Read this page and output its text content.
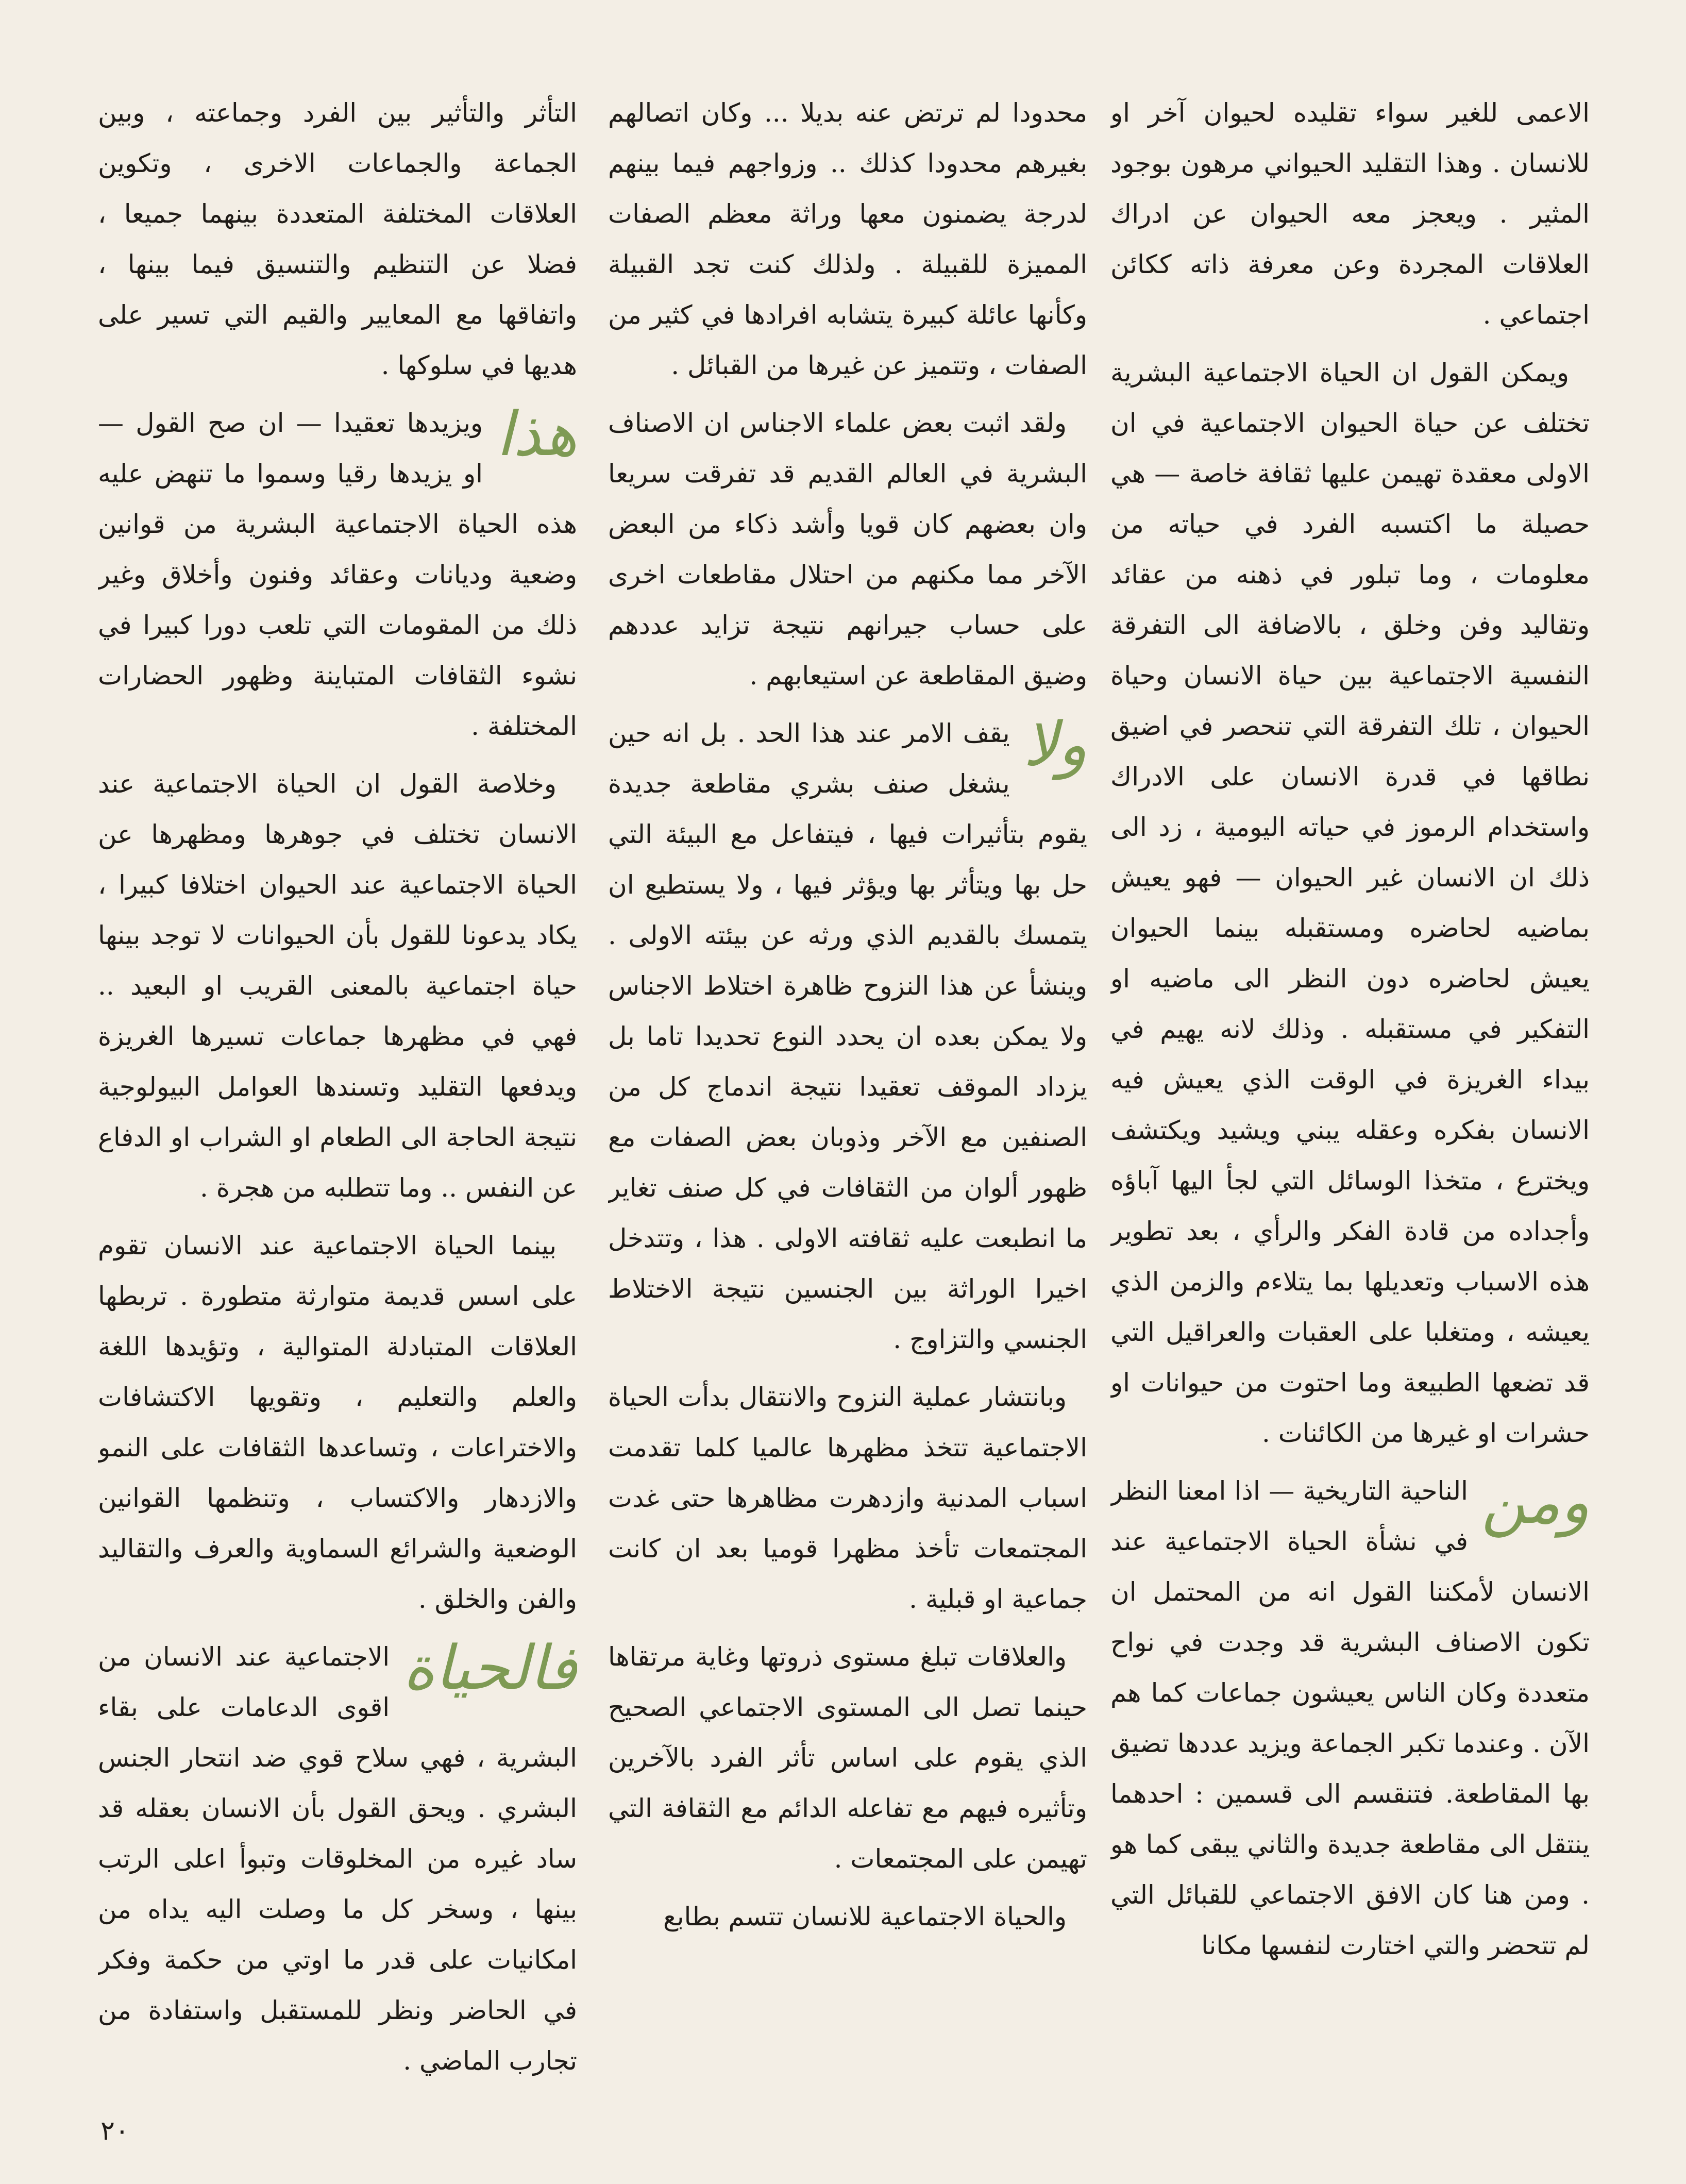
الاعمى للغير سواء تقليده لحيوان آخر او للانسان . وهذا التقليد الحيواني مرهون بوجود المثير . ويعجز معه الحيوان عن ادراك العلاقات المجردة وعن معرفة ذاته ككائن اجتماعي .

ويمكن القول ان الحياة الاجتماعية البشرية تختلف عن حياة الحيوان الاجتماعية في ان الاولى معقدة تهيمن عليها ثقافة خاصة — هي حصيلة ما اكتسبه الفرد في حياته من معلومات ، وما تبلور في ذهنه من عقائد وتقاليد وفن وخلق ، بالاضافة الى التفرقة النفسية الاجتماعية بين حياة الانسان وحياة الحيوان ، تلك التفرقة التي تنحصر في اضيق نطاقها في قدرة الانسان على الادراك واستخدام الرموز في حياته اليومية ، زد الى ذلك ان الانسان غير الحيوان — فهو يعيش بماضيه لحاضره ومستقبله بينما الحيوان يعيش لحاضره دون النظر الى ماضيه او التفكير في مستقبله . وذلك لانه يهيم في بيداء الغريزة في الوقت الذي يعيش فيه الانسان بفكره وعقله يبني ويشيد ويكتشف ويخترع ، متخذا الوسائل التي لجأ اليها آباؤه وأجداده من قادة الفكر والرأي ، بعد تطوير هذه الاسباب وتعديلها بما يتلاءم والزمن الذي يعيشه ، ومتغلبا على العقبات والعراقيل التي قد تضعها الطبيعة وما احتوت من حيوانات او حشرات او غيرها من الكائنات .

ومن
الناحية التاريخية — اذا امعنا النظر في نشأة الحياة الاجتماعية عند الانسان لأمكننا القول انه من المحتمل ان تكون الاصناف البشرية قد وجدت في نواح متعددة وكان الناس يعيشون جماعات كما هم الآن . وعندما تكبر الجماعة ويزيد عددها تضيق بها المقاطعة. فتنقسم الى قسمين : احدهما ينتقل الى مقاطعة جديدة والثاني يبقى كما هو . ومن هنا كان الافق الاجتماعي للقبائل التي لم تتحضر والتي اختارت لنفسها مكانا

محدودا لم ترتض عنه بديلا ... وكان اتصالهم بغيرهم محدودا كذلك .. وزواجهم فيما بينهم لدرجة يضمنون معها وراثة معظم الصفات المميزة للقبيلة . ولذلك كنت تجد القبيلة وكأنها عائلة كبيرة يتشابه افرادها في كثير من الصفات ، وتتميز عن غيرها من القبائل .

ولقد اثبت بعض علماء الاجناس ان الاصناف البشرية في العالم القديم قد تفرقت سريعا وان بعضهم كان قويا وأشد ذكاء من البعض الآخر مما مكنهم من احتلال مقاطعات اخرى على حساب جيرانهم نتيجة تزايد عددهم وضيق المقاطعة عن استيعابهم .

ولا
يقف الامر عند هذا الحد . بل انه حين يشغل صنف بشري مقاطعة جديدة يقوم بتأثيرات فيها ، فيتفاعل مع البيئة التي حل بها ويتأثر بها ويؤثر فيها ، ولا يستطيع ان يتمسك بالقديم الذي ورثه عن بيئته الاولى . وينشأ عن هذا النزوح ظاهرة اختلاط الاجناس ولا يمكن بعده ان يحدد النوع تحديدا تاما بل يزداد الموقف تعقيدا نتيجة اندماج كل من الصنفين مع الآخر وذوبان بعض الصفات مع ظهور ألوان من الثقافات في كل صنف تغاير ما انطبعت عليه ثقافته الاولى . هذا ، وتتدخل اخيرا الوراثة بين الجنسين نتيجة الاختلاط الجنسي والتزاوج .

وبانتشار عملية النزوح والانتقال بدأت الحياة الاجتماعية تتخذ مظهرها عالميا كلما تقدمت اسباب المدنية وازدهرت مظاهرها حتى غدت المجتمعات تأخذ مظهرا قوميا بعد ان كانت جماعية او قبلية .

والعلاقات تبلغ مستوى ذروتها وغاية مرتقاها حينما تصل الى المستوى الاجتماعي الصحيح الذي يقوم على اساس تأثر الفرد بالآخرين وتأثيره فيهم مع تفاعله الدائم مع الثقافة التي تهيمن على المجتمعات .

والحياة الاجتماعية للانسان تتسم بطابع

التأثر والتأثير بين الفرد وجماعته ، وبين الجماعة والجماعات الاخرى ، وتكوين العلاقات المختلفة المتعددة بينهما جميعا ، فضلا عن التنظيم والتنسيق فيما بينها ، واتفاقها مع المعايير والقيم التي تسير على هديها في سلوكها .

هذا
ويزيدها تعقيدا — ان صح القول — او يزيدها رقيا وسموا ما تنهض عليه هذه الحياة الاجتماعية البشرية من قوانين وضعية وديانات وعقائد وفنون وأخلاق وغير ذلك من المقومات التي تلعب دورا كبيرا في نشوء الثقافات المتباينة وظهور الحضارات المختلفة .

وخلاصة القول ان الحياة الاجتماعية عند الانسان تختلف في جوهرها ومظهرها عن الحياة الاجتماعية عند الحيوان اختلافا كبيرا ، يكاد يدعونا للقول بأن الحيوانات لا توجد بينها حياة اجتماعية بالمعنى القريب او البعيد .. فهي في مظهرها جماعات تسيرها الغريزة ويدفعها التقليد وتسندها العوامل البيولوجية نتيجة الحاجة الى الطعام او الشراب او الدفاع عن النفس .. وما تتطلبه من هجرة .

بينما الحياة الاجتماعية عند الانسان تقوم على اسس قديمة متوارثة متطورة . تربطها العلاقات المتبادلة المتوالية ، وتؤيدها اللغة والعلم والتعليم ، وتقويها الاكتشافات والاختراعات ، وتساعدها الثقافات على النمو والازدهار والاكتساب ، وتنظمها القوانين الوضعية والشرائع السماوية والعرف والتقاليد والفن والخلق .

فالحياة
الاجتماعية عند الانسان من اقوى الدعامات على بقاء البشرية ، فهي سلاح قوي ضد انتحار الجنس البشري . ويحق القول بأن الانسان بعقله قد ساد غيره من المخلوقات وتبوأ اعلى الرتب بينها ، وسخر كل ما وصلت اليه يداه من امكانيات على قدر ما اوتي من حكمة وفكر في الحاضر ونظر للمستقبل واستفادة من تجارب الماضي .

٢٠
